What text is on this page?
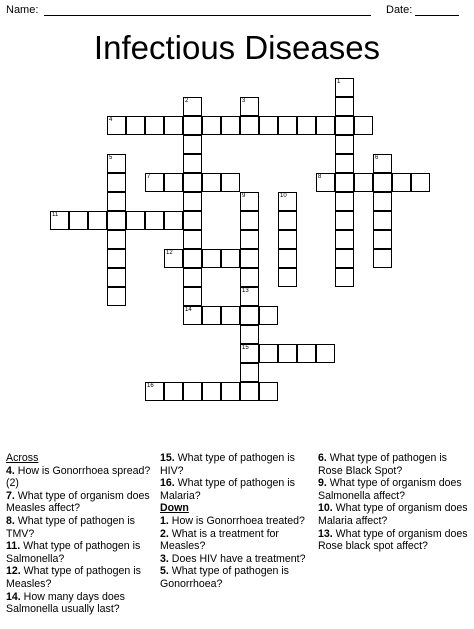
Name:	Date:
Infectious Diseases
1
2
14
3
4
5	6
7	8
9	10
11
12
13
15
16
Across
4. How is Gonorrhoea spread? (2)
7. What type of organism does Measles affect?
8. What type of pathogen is TMV?
11. What type of pathogen is Salmonella?
12. What type of pathogen is Measles?
14. How many days does Salmonella usually last?
15. What type of pathogen is HIV?
16. What type of pathogen is Malaria?
Down
1. How is Gonorrhoea treated?
2. What is a treatment for Measles?
3. Does HIV have a treatment?
5. What type of pathogen is Gonorrhoea?
6. What type of pathogen is Rose Black Spot?
9. What type of organism does Salmonella affect?
10. What type of organism does Malaria affect?
13. What type of organism does Rose black spot affect?
